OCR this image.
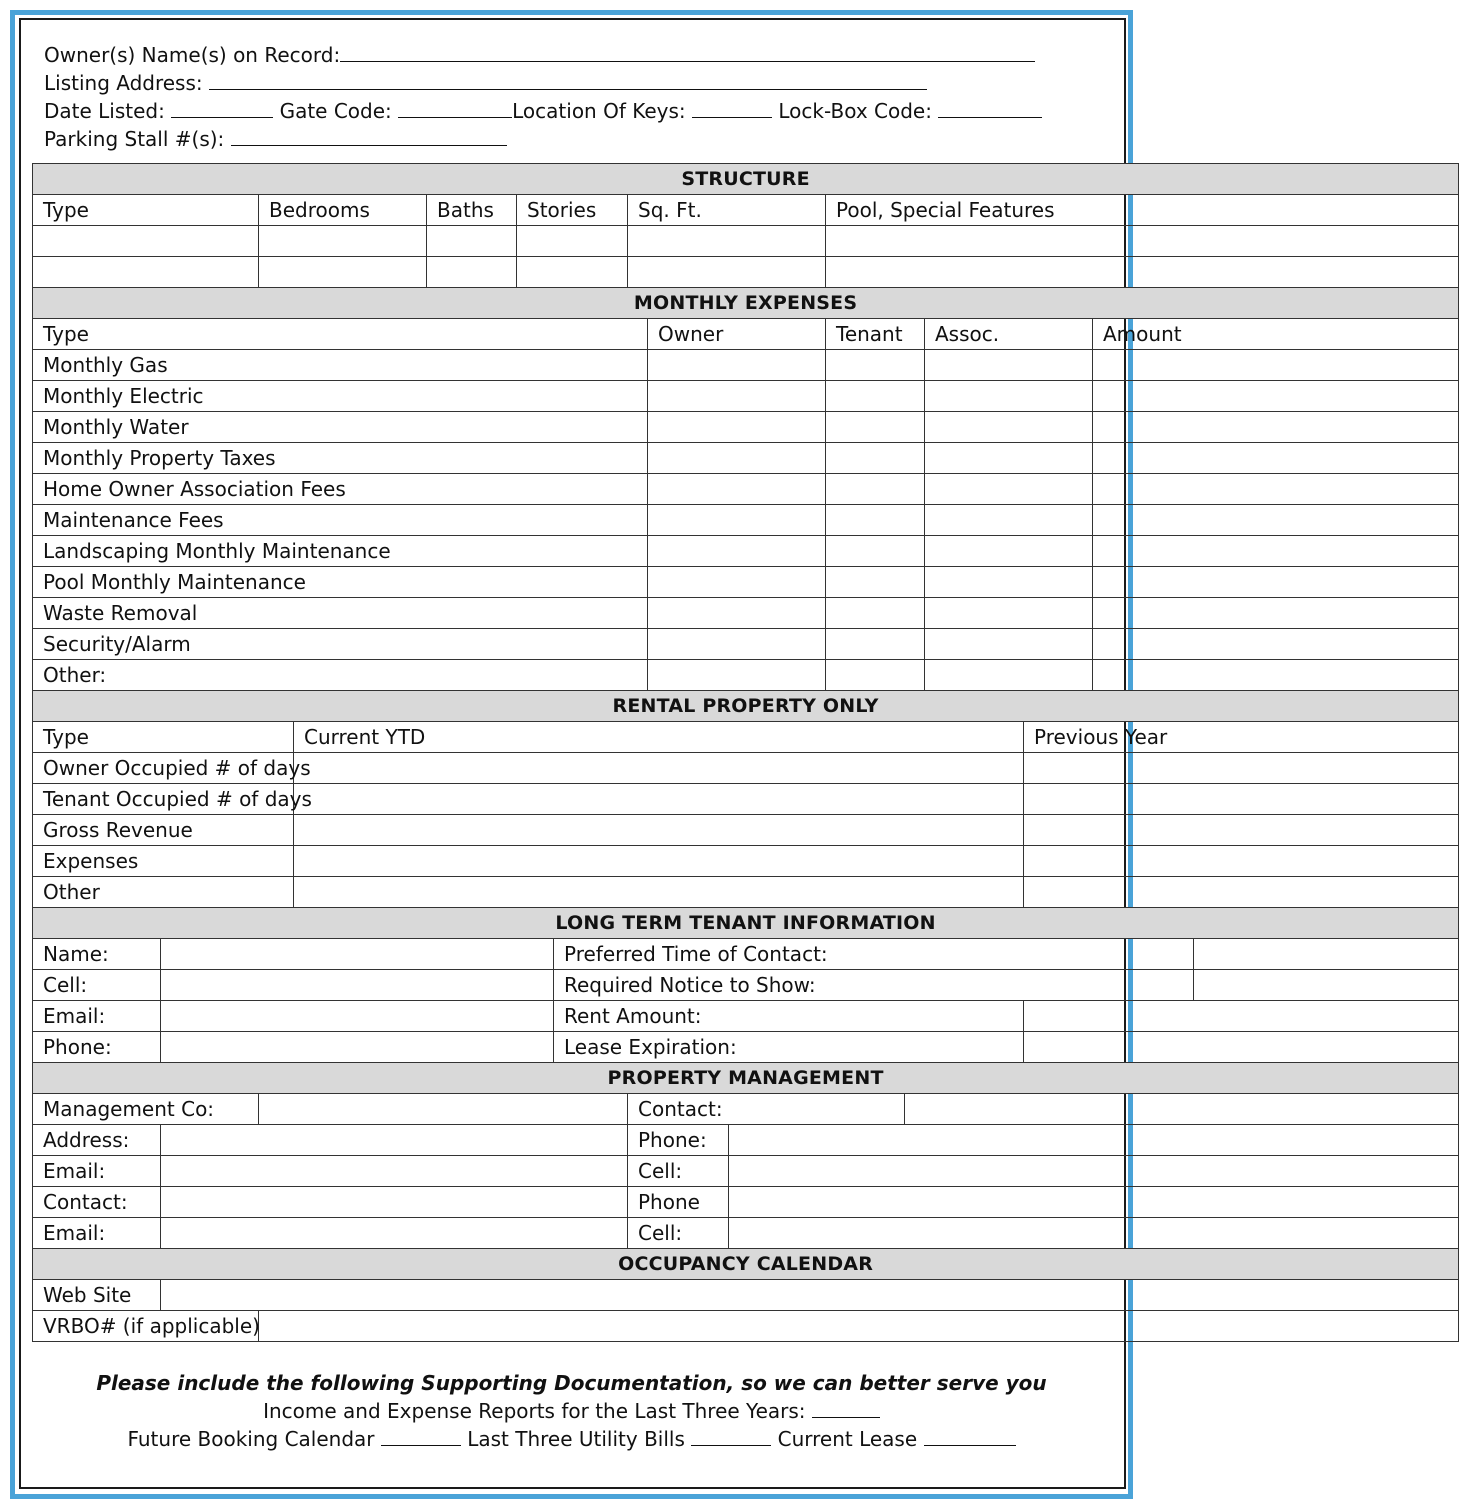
Owner(s) Name(s) on Record:
Listing Address:
Date Listed:	Gate Code:	Location Of Keys:	Lock-Box Code:
Parking Stall #(s):
STRUCTURE															
Type		Bedrooms		Baths	Stories		Sq. Ft.			Pool, Special Features					

MONTHLY EXPENSES															
Type								Owner		Tenant		Assoc.		Amount	
Monthly Gas															
Monthly Electric															
Monthly Water															
Monthly Property Taxes															
Home Owner Association Fees															
Maintenance Fees															
Landscaping Monthly Maintenance															
Pool Monthly Maintenance															
Waste Removal															
Security/Alarm															
Other:															
RENTAL PROPERTY ONLY															
Type			Current YTD										Previous Year		
Owner Occupied # of days															
Tenant Occupied # of days															
Gross Revenue															
Expenses															
Other															
LONG TERM TENANT INFORMATION															
Name:						Preferred Time of Contact:									
Cell:						Required Notice to Show:									
Email:						Rent Amount:									
Phone:						Lease Expiration:									
PROPERTY MANAGEMENT															
Management Co:							Contact:								
Address:							Phone:								
Email:							Cell:								
Contact:							Phone								
Email:							Cell:								
OCCUPANCY CALENDAR															
Web Site															
VRBO# (if applicable)															
Please include the following Supporting Documentation, so we can better serve you
Income and Expense Reports for the Last Three Years:
Future Booking Calendar	Last Three Utility Bills	Current Lease
